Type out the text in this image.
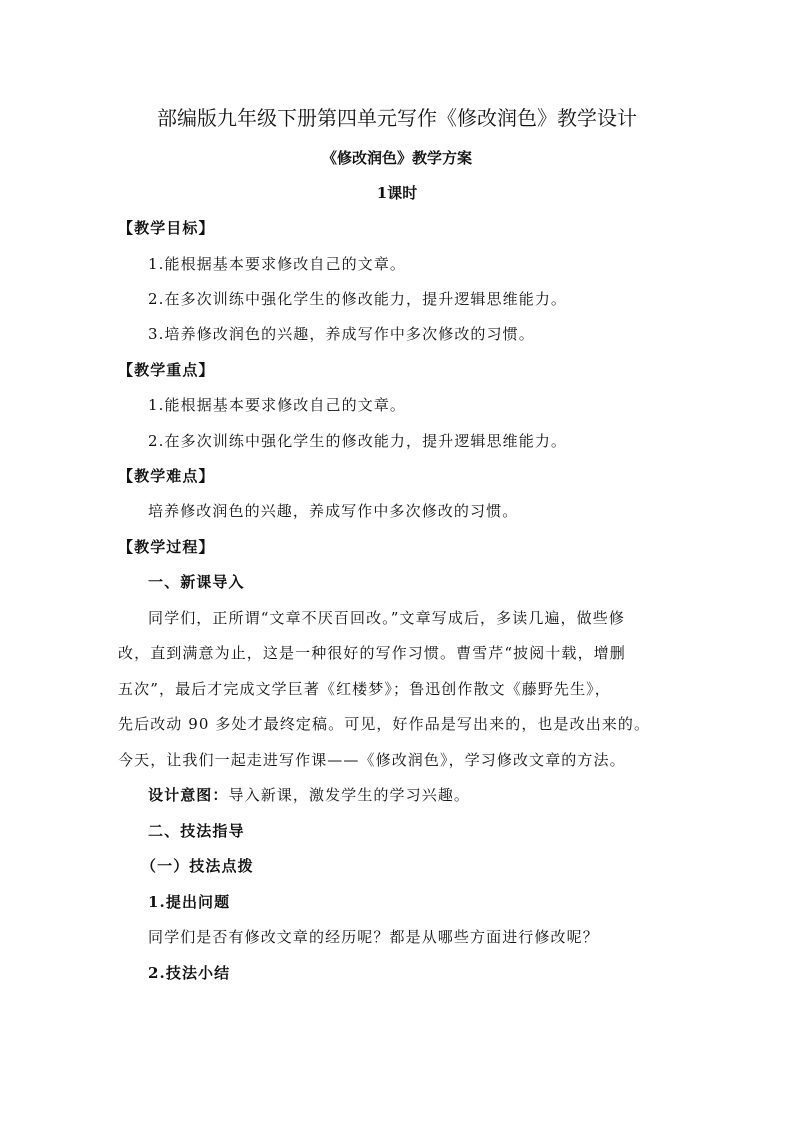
部编版九年级下册第四单元写作《修改润色》教学设计
《修改润色》教学方案
1课时
【教学目标】
1.能根据基本要求修改自己的文章。
2.在多次训练中强化学生的修改能力，提升逻辑思维能力。
3.培养修改润色的兴趣，养成写作中多次修改的习惯。
【教学重点】
1.能根据基本要求修改自己的文章。
2.在多次训练中强化学生的修改能力，提升逻辑思维能力。
【教学难点】
培养修改润色的兴趣，养成写作中多次修改的习惯。
【教学过程】
一、新课导入
同学们，正所谓“文章不厌百回改。”文章写成后，多读几遍，做些修
改，直到满意为止，这是一种很好的写作习惯。曹雪芹“披阅十载，增删
五次”，最后才完成文学巨著《红楼梦》；鲁迅创作散文《藤野先生》，
先后改动 90 多处才最终定稿。可见，好作品是写出来的，也是改出来的。
今天，让我们一起走进写作课——《修改润色》，学习修改文章的方法。
设计意图：导入新课，激发学生的学习兴趣。
二、技法指导
（一）技法点拨
1.提出问题
同学们是否有修改文章的经历呢？都是从哪些方面进行修改呢？
2.技法小结
